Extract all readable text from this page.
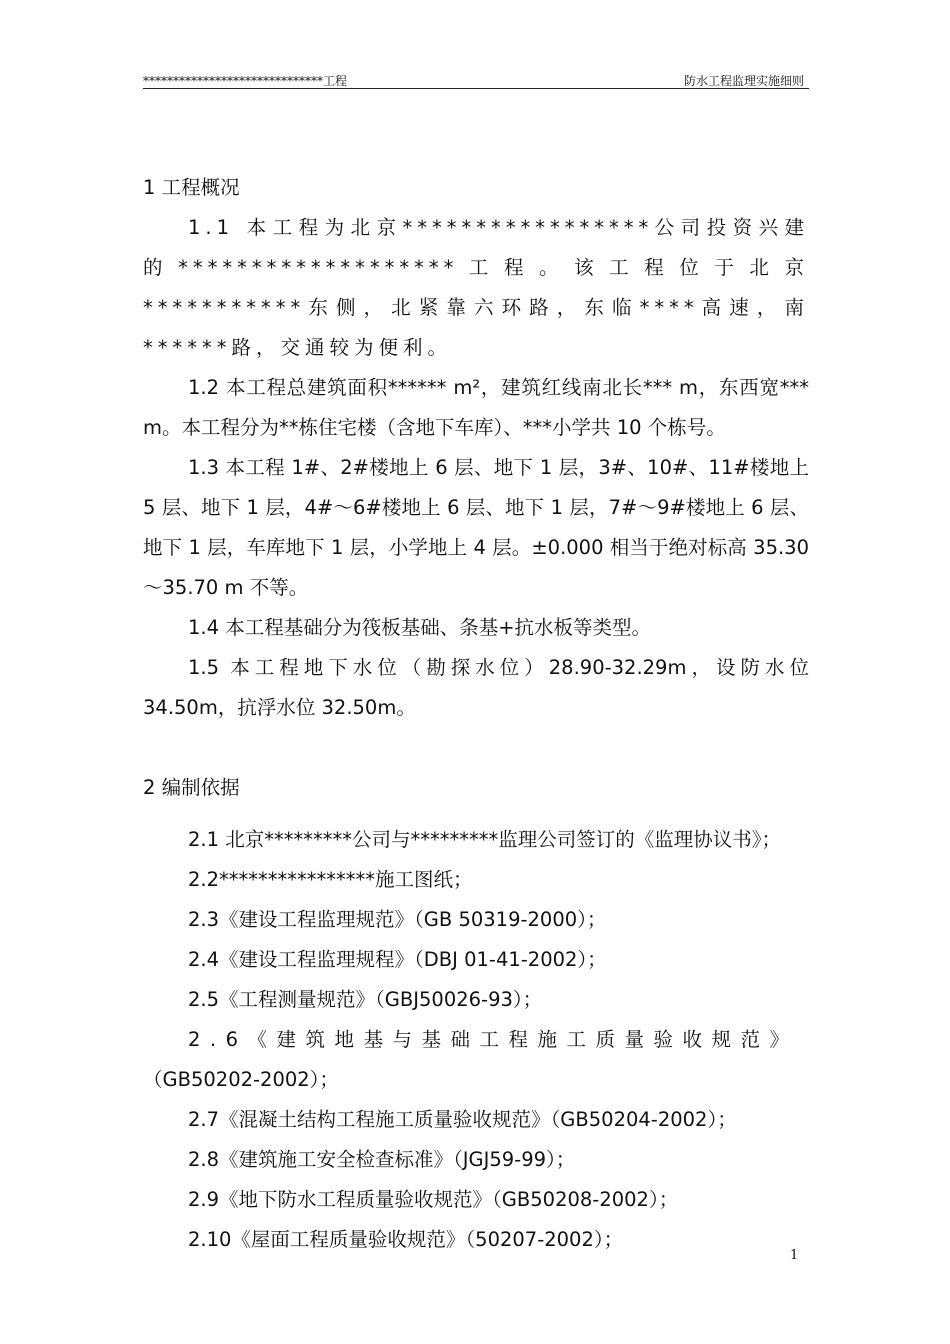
******************************工程	防水工程监理实施细则
1 工程概况

1.1 本工程为北京*****************公司投资兴建的*******************工程。该工程位于北京***********东侧，北紧靠六环路，东临****高速，南******路，交通较为便利。

1.2 本工程总建筑面积****** m²，建筑红线南北长*** m，东西宽*** m。本工程分为**栋住宅楼（含地下车库）、***小学共 10 个栋号。

1.3 本工程 1#、2#楼地上 6 层、地下 1 层，3#、10#、11#楼地上 5 层、地下 1 层，4#～6#楼地上 6 层、地下 1 层，7#～9#楼地上 6 层、地下 1 层，车库地下 1 层，小学地上 4 层。±0.000 相当于绝对标高 35.30～35.70 m 不等。

1.4 本工程基础分为筏板基础、条基+抗水板等类型。

1.5 本工程地下水位（勘探水位）28.90-32.29m，设防水位 34.50m，抗浮水位 32.50m。

2 编制依据

2.1 北京*********公司与*********监理公司签订的《监理协议书》；

2.2****************施工图纸；

2.3《建设工程监理规范》（GB 50319-2000）；

2.4《建设工程监理规程》（DBJ 01-41-2002）；

2.5《工程测量规范》（GBJ50026-93）；

2.6《建筑地基与基础工程施工质量验收规范》
（GB50202-2002）；

2.7《混凝土结构工程施工质量验收规范》（GB50204-2002）；

2.8《建筑施工安全检查标准》（JGJ59-99）；

2.9《地下防水工程质量验收规范》（GB50208-2002）；

2.10《屋面工程质量验收规范》（50207-2002）；

1
